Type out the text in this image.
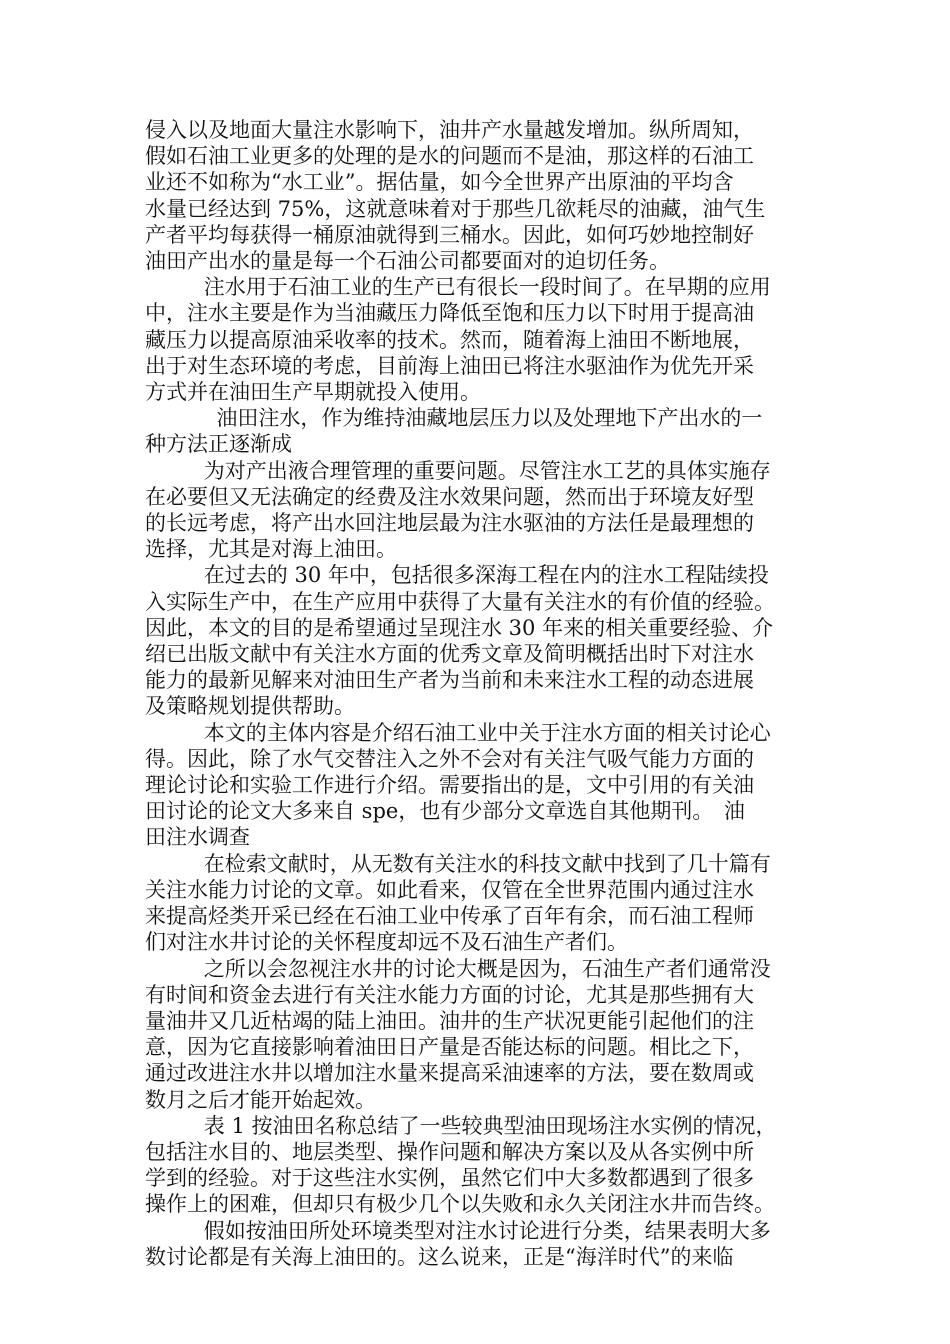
侵入以及地面大量注水影响下，油井产水量越发增加。纵所周知，
假如石油工业更多的处理的是水的问题而不是油，那这样的石油工
业还不如称为“水工业”。据估量，如今全世界产出原油的平均含
水量已经达到 75%，这就意味着对于那些几欲耗尽的油藏，油气生
产者平均每获得一桶原油就得到三桶水。因此，如何巧妙地控制好
油田产出水的量是每一个石油公司都要面对的迫切任务。
注水用于石油工业的生产已有很长一段时间了。在早期的应用
中，注水主要是作为当油藏压力降低至饱和压力以下时用于提高油
藏压力以提高原油采收率的技术。然而，随着海上油田不断地展，
出于对生态环境的考虑，目前海上油田已将注水驱油作为优先开采
方式并在油田生产早期就投入使用。
油田注水，作为维持油藏地层压力以及处理地下产出水的一
种方法正逐渐成
为对产出液合理管理的重要问题。尽管注水工艺的具体实施存
在必要但又无法确定的经费及注水效果问题，然而出于环境友好型
的长远考虑，将产出水回注地层最为注水驱油的方法任是最理想的
选择，尤其是对海上油田。
在过去的 30 年中，包括很多深海工程在内的注水工程陆续投
入实际生产中，在生产应用中获得了大量有关注水的有价值的经验。
因此，本文的目的是希望通过呈现注水 30 年来的相关重要经验、介
绍已出版文献中有关注水方面的优秀文章及简明概括出时下对注水
能力的最新见解来对油田生产者为当前和未来注水工程的动态进展
及策略规划提供帮助。
本文的主体内容是介绍石油工业中关于注水方面的相关讨论心
得。因此，除了水气交替注入之外不会对有关注气吸气能力方面的
理论讨论和实验工作进行介绍。需要指出的是，文中引用的有关油
田讨论的论文大多来自 spe，也有少部分文章选自其他期刊。　油
田注水调查
在检索文献时，从无数有关注水的科技文献中找到了几十篇有
关注水能力讨论的文章。如此看来，仅管在全世界范围内通过注水
来提高烃类开采已经在石油工业中传承了百年有余，而石油工程师
们对注水井讨论的关怀程度却远不及石油生产者们。
之所以会忽视注水井的讨论大概是因为，石油生产者们通常没
有时间和资金去进行有关注水能力方面的讨论，尤其是那些拥有大
量油井又几近枯竭的陆上油田。油井的生产状况更能引起他们的注
意，因为它直接影响着油田日产量是否能达标的问题。相比之下，
通过改进注水井以增加注水量来提高采油速率的方法，要在数周或
数月之后才能开始起效。
表 1 按油田名称总结了一些较典型油田现场注水实例的情况，
包括注水目的、地层类型、操作问题和解决方案以及从各实例中所
学到的经验。对于这些注水实例，虽然它们中大多数都遇到了很多
操作上的困难，但却只有极少几个以失败和永久关闭注水井而告终。
假如按油田所处环境类型对注水讨论进行分类，结果表明大多
数讨论都是有关海上油田的。这么说来，正是“海洋时代”的来临
